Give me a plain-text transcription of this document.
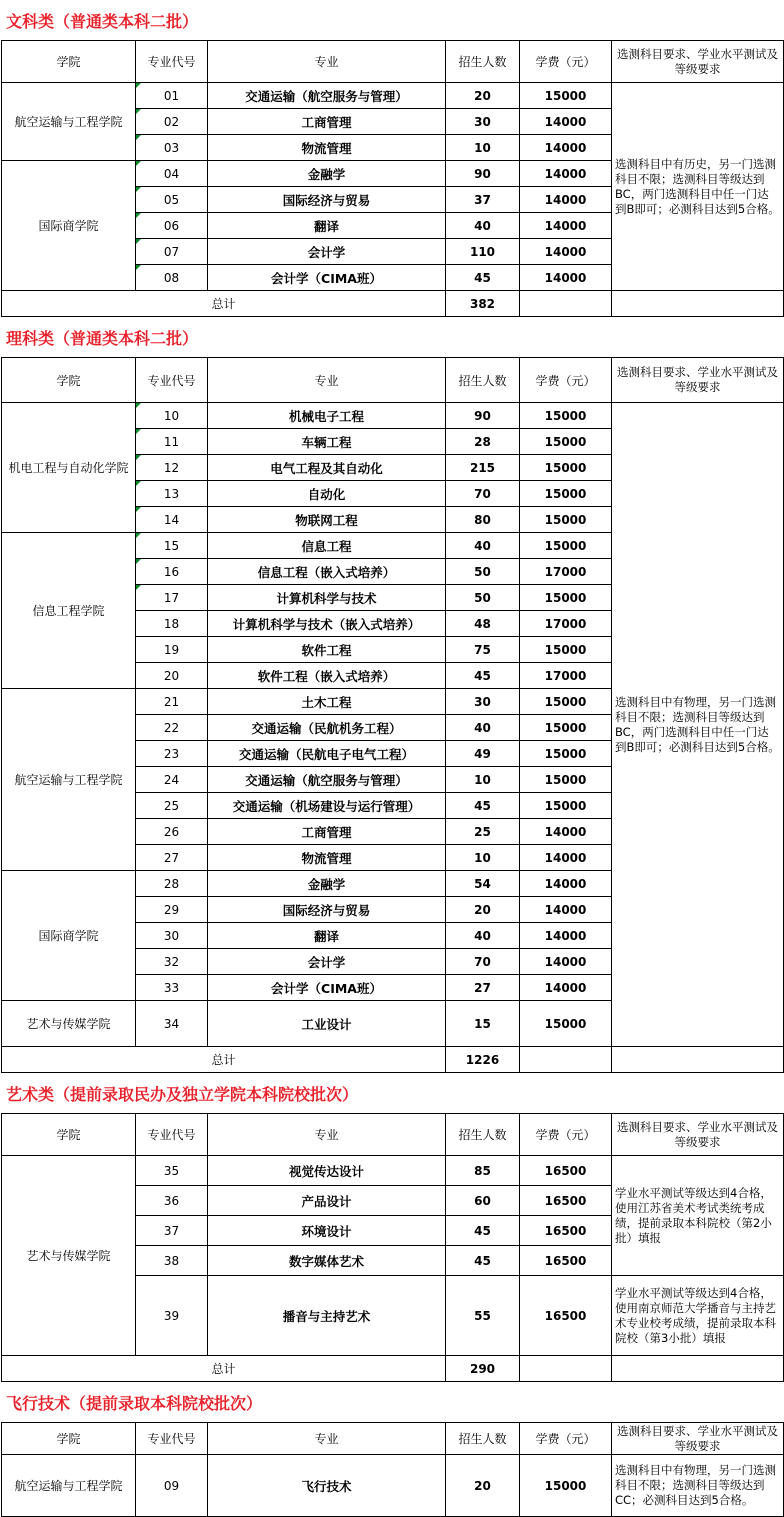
文科类（普通类本科二批）
学院	专业代号	专业	招生人数	学费（元）	选测科目要求、学业水平测试及等级要求
航空运输与工程学院	01	交通运输（航空服务与管理）	20	15000	选测科目中有历史，另一门选测科目不限；选测科目等级达到BC，两门选测科目中任一门达到B即可；必测科目达到5合格。
	02	工商管理	30	14000	
	03	物流管理	10	14000	
国际商学院	04	金融学	90	14000	
	05	国际经济与贸易	37	14000	
	06	翻译	40	14000	
	07	会计学	110	14000	
	08	会计学（CIMA班）	45	14000	
总计			382		
理科类（普通类本科二批）
学院	专业代号	专业	招生人数	学费（元）	选测科目要求、学业水平测试及等级要求
机电工程与自动化学院	10	机械电子工程	90	15000	选测科目中有物理，另一门选测科目不限；选测科目等级达到BC，两门选测科目中任一门达到B即可；必测科目达到5合格。
	11	车辆工程	28	15000	
	12	电气工程及其自动化	215	15000	
	13	自动化	70	15000	
	14	物联网工程	80	15000	
信息工程学院	15	信息工程	40	15000	
	16	信息工程（嵌入式培养）	50	17000	
	17	计算机科学与技术	50	15000	
	18	计算机科学与技术（嵌入式培养）	48	17000	
	19	软件工程	75	15000	
	20	软件工程（嵌入式培养）	45	17000	
航空运输与工程学院	21	土木工程	30	15000	
	22	交通运输（民航机务工程）	40	15000	
	23	交通运输（民航电子电气工程）	49	15000	
	24	交通运输（航空服务与管理）	10	15000	
	25	交通运输（机场建设与运行管理）	45	15000	
	26	工商管理	25	14000	
	27	物流管理	10	14000	
国际商学院	28	金融学	54	14000	
	29	国际经济与贸易	20	14000	
	30	翻译	40	14000	
	32	会计学	70	14000	
	33	会计学（CIMA班）	27	14000	
艺术与传媒学院	34	工业设计	15	15000	
总计			1226		
艺术类（提前录取民办及独立学院本科院校批次）
学院	专业代号	专业	招生人数	学费（元）	选测科目要求、学业水平测试及等级要求
艺术与传媒学院	35	视觉传达设计	85	16500	学业水平测试等级达到4合格，使用江苏省美术考试类统考成绩，提前录取本科院校（第2小批）填报
	36	产品设计	60	16500	
	37	环境设计	45	16500	
	38	数字媒体艺术	45	16500	
	39	播音与主持艺术	55	16500	学业水平测试等级达到4合格，使用南京师范大学播音与主持艺术专业校考成绩，提前录取本科院校（第3小批）填报
总计			290		
飞行技术（提前录取本科院校批次）
学院	专业代号	专业	招生人数	学费（元）	选测科目要求、学业水平测试及等级要求
航空运输与工程学院	09	飞行技术	20	15000	选测科目中有物理，另一门选测科目不限；选测科目等级达到CC；必测科目达到5合格。
